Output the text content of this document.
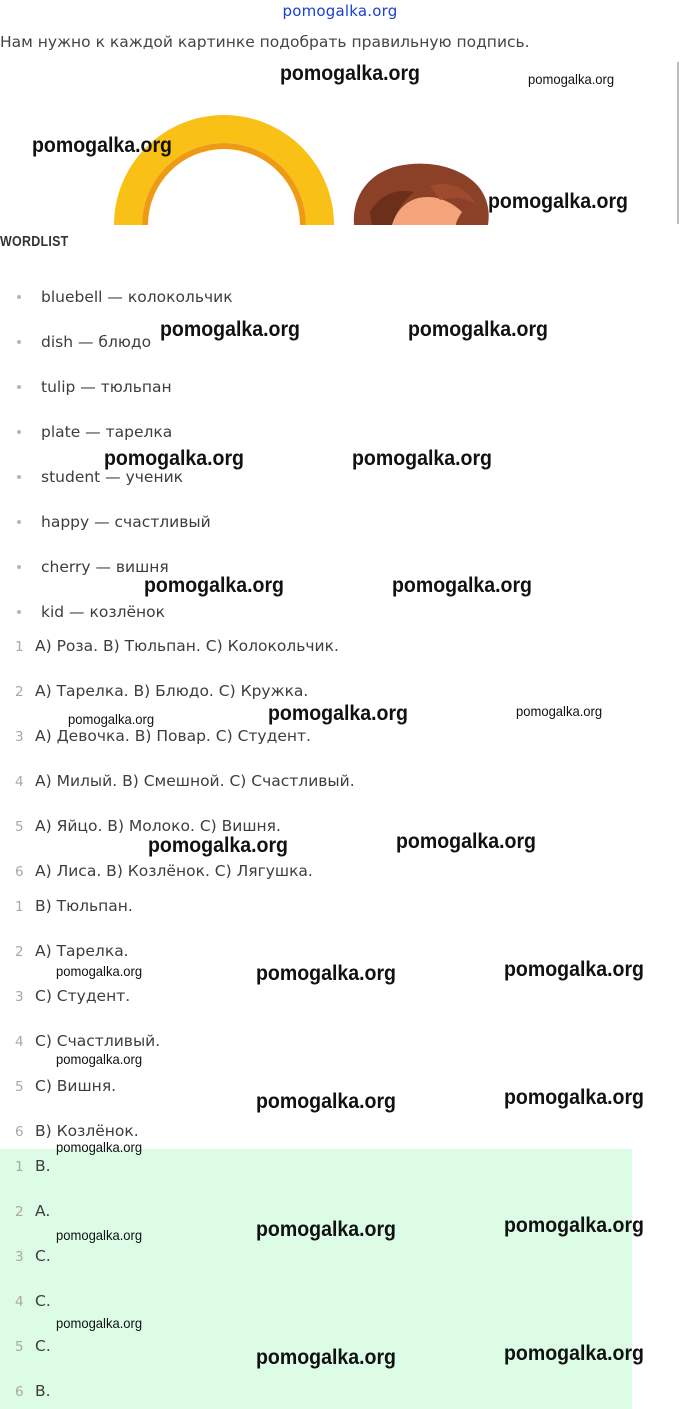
pomogalka.org
Нам нужно к каждой картинке подобрать правильную подпись.
WORDLIST
bluebell — колокольчик
dish — блюдо
tulip — тюльпан
plate — тарелка
student — ученик
happy — счастливый
cherry — вишня
kid — козлёнок
1 A) Роза. B) Тюльпан. C) Колокольчик.
2 A) Тарелка. B) Блюдо. C) Кружка.
3 A) Девочка. B) Повар. C) Студент.
4 A) Милый. B) Смешной. C) Счастливый.
5 A) Яйцо. B) Молоко. C) Вишня.
6 A) Лиса. B) Козлёнок. C) Лягушка.
1 B) Тюльпан.
2 A) Тарелка.
3 C) Студент.
4 C) Счастливый.
5 C) Вишня.
6 B) Козлёнок.
1 B.
2 A.
3 C.
4 C.
5 C.
6 B.
pomogalka.org	pomogalka.org
pomogalka.org
pomogalka.org
pomogalka.org	pomogalka.org
pomogalka.org	pomogalka.org
pomogalka.org	pomogalka.org
pomogalka.org	pomogalka.org	pomogalka.org
pomogalka.org	pomogalka.org
pomogalka.org	pomogalka.org	pomogalka.org
pomogalka.org
pomogalka.org	pomogalka.org
pomogalka.org
pomogalka.org	pomogalka.org	pomogalka.org
pomogalka.org
pomogalka.org	pomogalka.org
